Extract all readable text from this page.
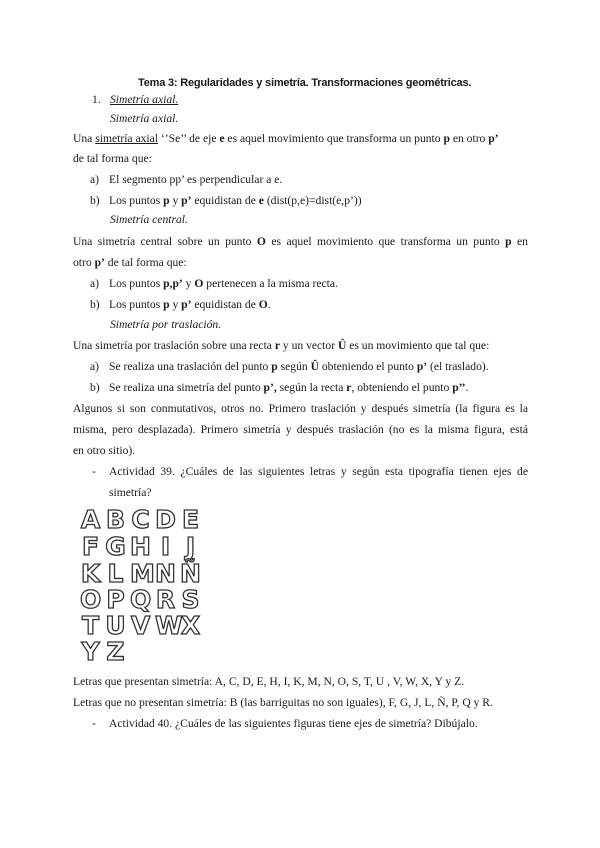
Tema 3: Regularidades y simetría. Transformaciones geométricas.
1. Simetría axial.
Simetría axial.
Una simetría axial ‘’Se’’ de eje e es aquel movimiento que transforma un punto p en otro p’
de tal forma que:
a) El segmento pp’ es perpendicular a e.
b) Los puntos p y p’ equidistan de e (dist(p,e)=dist(e,p’))
Simetría central.
Una simetría central sobre un punto O es aquel movimiento que transforma un punto p en
otro p’ de tal forma que:
a) Los puntos p,p’ y O pertenecen a la misma recta.
b) Los puntos p y p’ equidistan de O.
Simetría por traslación.
Una simetría por traslación sobre una recta r y un vector Û es un movimiento que tal que:
a) Se realiza una traslación del punto p según Û obteniendo el punto p’ (el traslado).
b) Se realiza una simetría del punto p’, según la recta r, obteniendo el punto p’’.
Algunos si son conmutativos, otros no. Primero traslación y después simetría (la figura es la
misma, pero desplazada). Primero simetría y después traslación (no es la misma figura, está
en otro sitio).
- Actividad 39. ¿Cuáles de las siguientes letras y según esta tipografía tienen ejes de
simetría?
A B C D E
F G H I J
K L M N Ñ
O P Q R S
T U V W
X
Y Z
Letras que presentan simetría: A, C, D, E, H, I, K, M, N, O, S, T, U , V, W, X, Y y Z.
Letras que no presentan simetría: B (las barriguitas no son iguales), F, G, J, L, Ñ, P, Q y R.
- Actividad 40. ¿Cuáles de las siguientes figuras tiene ejes de simetría? Dibújalo.
